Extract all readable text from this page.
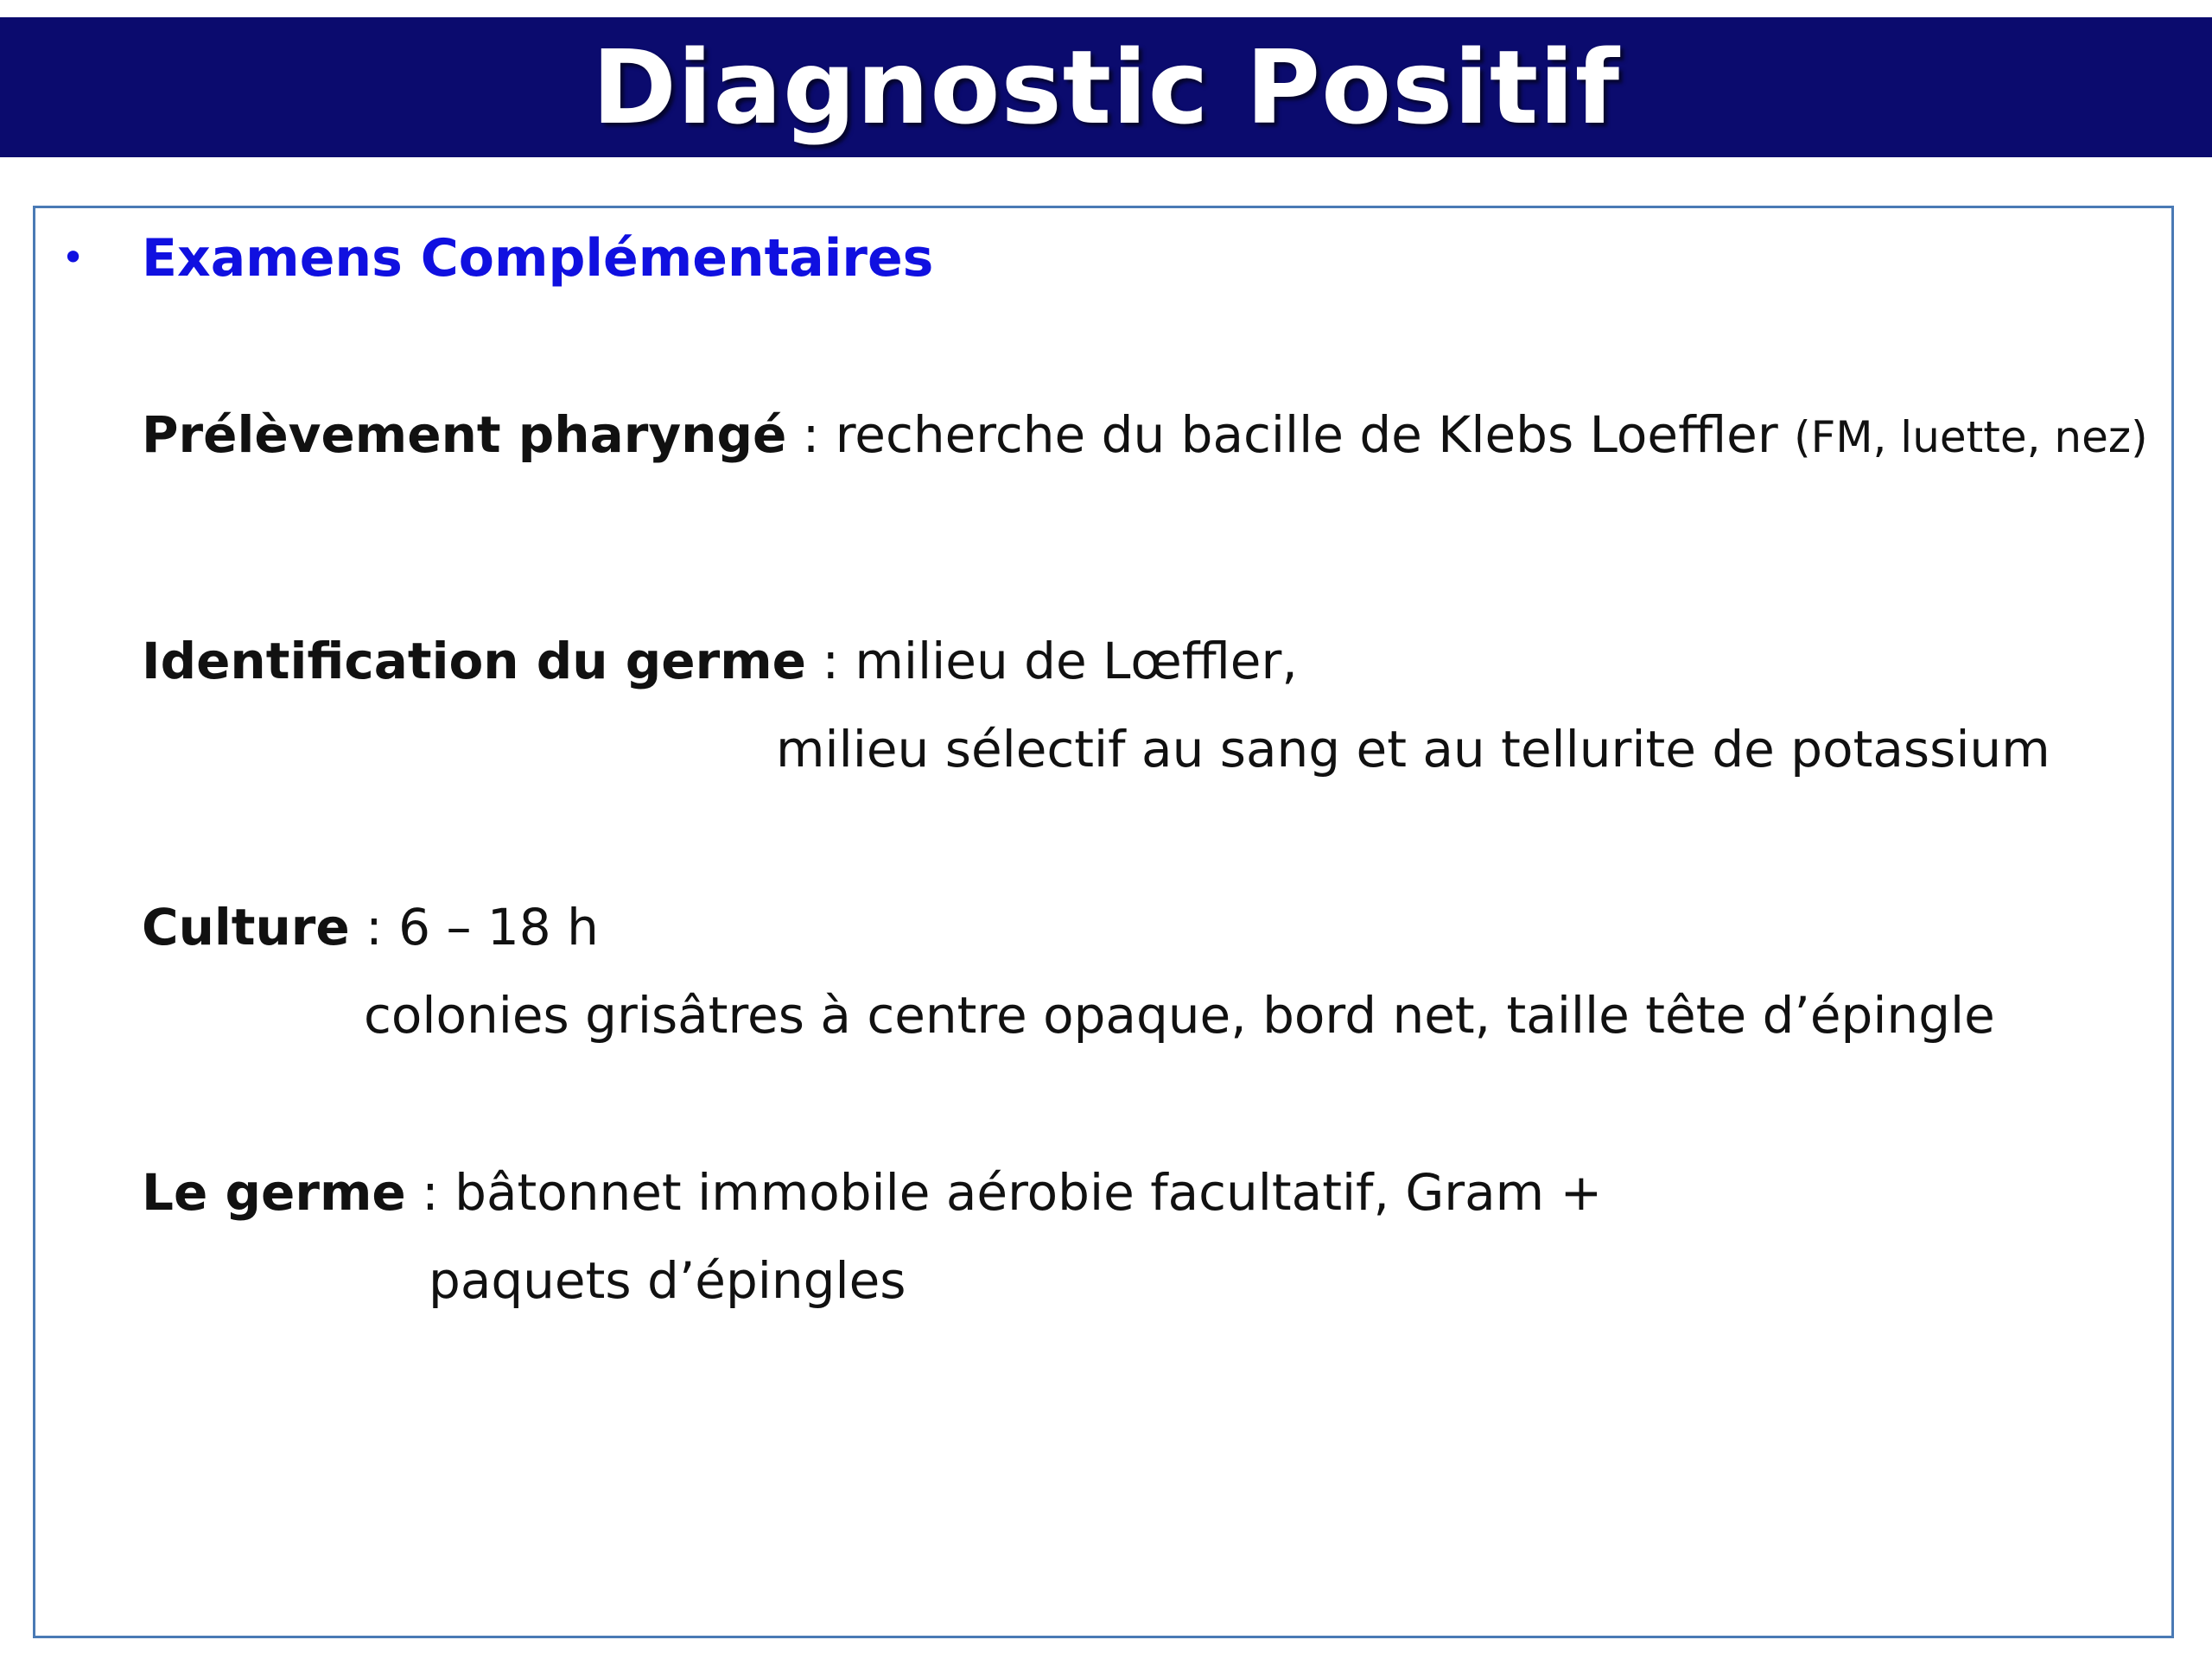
Diagnostic Positif
• Examens Complémentaires
Prélèvement pharyngé : recherche du bacille de Klebs Loeffler (FM, luette, nez)
Identification du germe : milieu de Lœffler,
milieu sélectif au sang et au tellurite de potassium
Culture : 6 – 18 h
colonies grisâtres à centre opaque, bord net, taille tête d’épingle
Le germe : bâtonnet immobile aérobie facultatif, Gram +
paquets d’épingles
